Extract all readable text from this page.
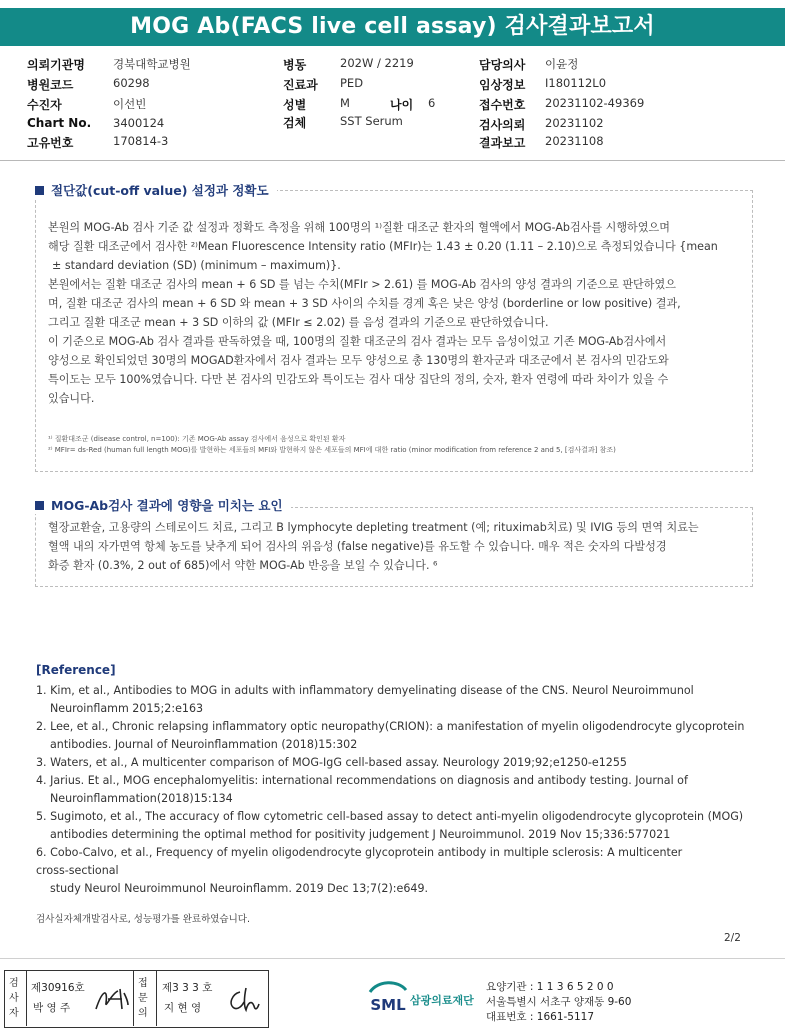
MOG Ab(FACS live cell assay) 검사결과보고서
의뢰기관명 경북대학교병원
병원코드	60298
수진자	이선빈
Chart No. 3400124
고유번호	170814-3
병동	202W / 2219
진료과 PED
성별	M	나이 6
검체	SST Serum
담당의사 이윤정
임상정보 I180112L0
접수번호 20231102-49369
검사의뢰 20231102
결과보고 20231108
절단값(cut-off value) 설정과 정확도

본원의 MOG-Ab 검사 기준 값 설정과 정확도 측정을 위해 100명의 ¹⁾질환 대조군 환자의 혈액에서 MOG-Ab검사를 시행하였으며

해당 질환 대조군에서 검사한 ²⁾Mean Fluorescence Intensity ratio (MFIr)는 1.43 ± 0.20 (1.11 – 2.10)으로 측정되었습니다 {mean

± standard deviation (SD) (minimum – maximum)}.

본원에서는 질환 대조군 검사의 mean + 6 SD 를 넘는 수치(MFIr > 2.61) 를 MOG-Ab 검사의 양성 결과의 기준으로 판단하였으

며, 질환 대조군 검사의 mean + 6 SD 와 mean + 3 SD 사이의 수치를 경계 혹은 낮은 양성 (borderline or low positive) 결과,

그리고 질환 대조군 mean + 3 SD 이하의 값 (MFIr ≤ 2.02) 를 음성 결과의 기준으로 판단하였습니다.

이 기준으로 MOG-Ab 검사 결과를 판독하였을 때, 100명의 질환 대조군의 검사 결과는 모두 음성이었고 기존 MOG-Ab검사에서

양성으로 확인되었던 30명의 MOGAD환자에서 검사 결과는 모두 양성으로 총 130명의 환자군과 대조군에서 본 검사의 민감도와

특이도는 모두 100%였습니다. 다만 본 검사의 민감도와 특이도는 검사 대상 집단의 정의, 숫자, 환자 연령에 따라 차이가 있을 수

있습니다.

¹⁾ 질환대조군 (disease control, n=100): 기존 MOG-Ab assay 검사에서 음성으로 확인된 환자
²⁾ MFIr= ds-Red (human full length MOG)를 발현하는 세포들의 MFI와 발현하지 않은 세포들의 MFI에 대한 ratio (minor modification from reference 2 and 5, [검사결과] 참조)
MOG-Ab검사 결과에 영향을 미치는 요인

혈장교환술, 고용량의 스테로이드 치료, 그리고 B lymphocyte depleting treatment (예; rituximab치료) 및 IVIG 등의 면역 치료는

혈액 내의 자가면역 항체 농도를 낮추게 되어 검사의 위음성 (false negative)를 유도할 수 있습니다. 매우 적은 숫자의 다발성경

화증 환자 (0.3%, 2 out of 685)에서 약한 MOG-Ab 반응을 보일 수 있습니다. ⁶

[Reference]
1. Kim, et al., Antibodies to MOG in adults with inflammatory demyelinating disease of the CNS. Neurol Neuroimmunol
Neuroinflamm 2015;2:e163
2. Lee, et al., Chronic relapsing inflammatory optic neuropathy(CRION): a manifestation of myelin oligodendrocyte glycoprotein
antibodies. Journal of Neuroinflammation (2018)15:302
3. Waters, et al., A multicenter comparison of MOG-IgG cell-based assay. Neurology 2019;92;e1250-e1255
4. Jarius. Et al., MOG encephalomyelitis: international recommendations on diagnosis and antibody testing. Journal of
Neuroinflammation(2018)15:134
5. Sugimoto, et al., The accuracy of flow cytometric cell-based assay to detect anti-myelin oligodendrocyte glycoprotein (MOG)
antibodies determining the optimal method for positivity judgement J Neuroimmunol. 2019 Nov 15;336:577021
6. Cobo-Calvo, et al., Frequency of myelin oligodendrocyte glycoprotein antibody in multiple sclerosis: A multicenter
cross-sectional
study Neurol Neuroimmunol Neuroinflamm. 2019 Dec 13;7(2):e649.
검사실자체개발검사로, 성능평가를 완료하였습니다.
2/2
검사자
접문의
제30916호
박 영 주
제3 3 3 호
지 현 영	SML 삼광의료재단
요양기관 : 1 1 3 6 5 2 0 0
서울특별시 서초구 양재동 9-60
대표번호 : 1661-5117
